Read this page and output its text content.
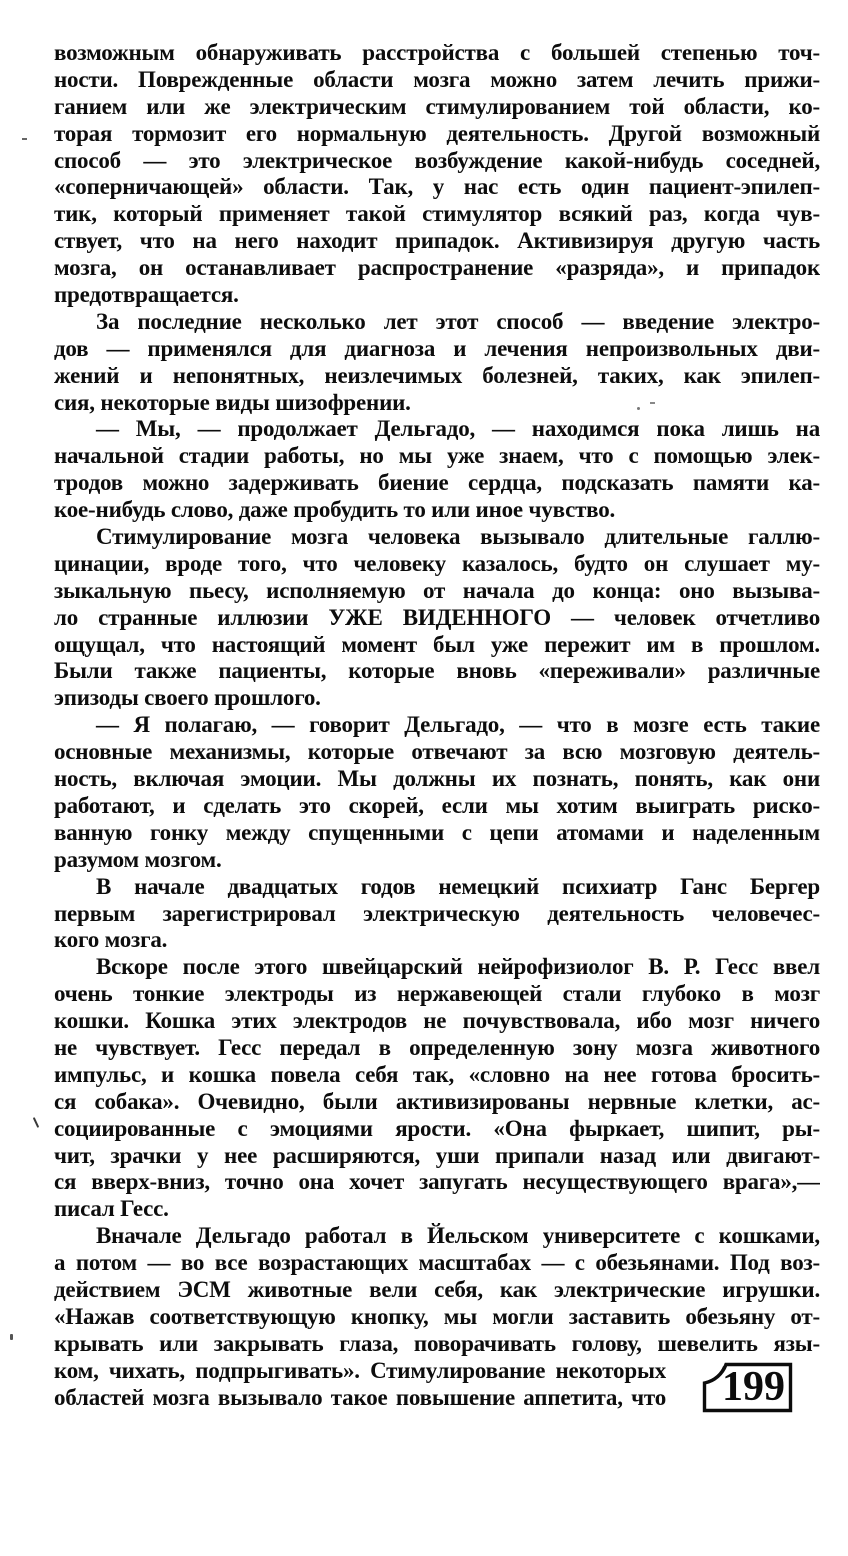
возможным обнаруживать расстройства с большей степенью точ-
ности. Поврежденные области мозга можно затем лечить прижи-
ганием или же электрическим стимулированием той области, ко-
торая тормозит его нормальную деятельность. Другой возможный
способ — это электрическое возбуждение какой-нибудь соседней,
«соперничающей» области. Так, у нас есть один пациент-эпилеп-
тик, который применяет такой стимулятор всякий раз, когда чув-
ствует, что на него находит припадок. Активизируя другую часть
мозга, он останавливает распространение «разряда», и припадок
предотвращается.
За последние несколько лет этот способ — введение электро-
дов — применялся для диагноза и лечения непроизвольных дви-
жений и непонятных, неизлечимых болезней, таких, как эпилеп-
сия, некоторые виды шизофрении.
— Мы, — продолжает Дельгадо, — находимся пока лишь на
начальной стадии работы, но мы уже знаем, что с помощью элек-
тродов можно задерживать биение сердца, подсказать памяти ка-
кое-нибудь слово, даже пробудить то или иное чувство.
Стимулирование мозга человека вызывало длительные галлю-
цинации, вроде того, что человеку казалось, будто он слушает му-
зыкальную пьесу, исполняемую от начала до конца: оно вызыва-
ло странные иллюзии УЖЕ ВИДЕННОГО — человек отчетливо
ощущал, что настоящий момент был уже пережит им в прошлом.
Были также пациенты, которые вновь «переживали» различные
эпизоды своего прошлого.
— Я полагаю, — говорит Дельгадо, — что в мозге есть такие
основные механизмы, которые отвечают за всю мозговую деятель-
ность, включая эмоции. Мы должны их познать, понять, как они
работают, и сделать это скорей, если мы хотим выиграть риско-
ванную гонку между спущенными с цепи атомами и наделенным
разумом мозгом.
В начале двадцатых годов немецкий психиатр Ганс Бергер
первым зарегистрировал электрическую деятельность человечес-
кого мозга.
Вскоре после этого швейцарский нейрофизиолог В. Р. Гесс ввел
очень тонкие электроды из нержавеющей стали глубоко в мозг
кошки. Кошка этих электродов не почувствовала, ибо мозг ничего
не чувствует. Гесс передал в определенную зону мозга животного
импульс, и кошка повела себя так, «словно на нее готова бросить-
ся собака». Очевидно, были активизированы нервные клетки, ас-
социированные с эмоциями ярости. «Она фыркает, шипит, ры-
чит, зрачки у нее расширяются, уши припали назад или двигают-
ся вверх-вниз, точно она хочет запугать несуществующего врага»,—
писал Гесс.
Вначале Дельгадо работал в Йельском университете с кошками,
а потом — во все возрастающих масштабах — с обезьянами. Под воз-
действием ЭСМ животные вели себя, как электрические игрушки.
«Нажав соответствующую кнопку, мы могли заставить обезьяну от-
крывать или закрывать глаза, поворачивать голову, шевелить язы-
ком, чихать, подпрыгивать». Стимулирование некоторых
областей мозга вызывало такое повышение аппетита, что 199
